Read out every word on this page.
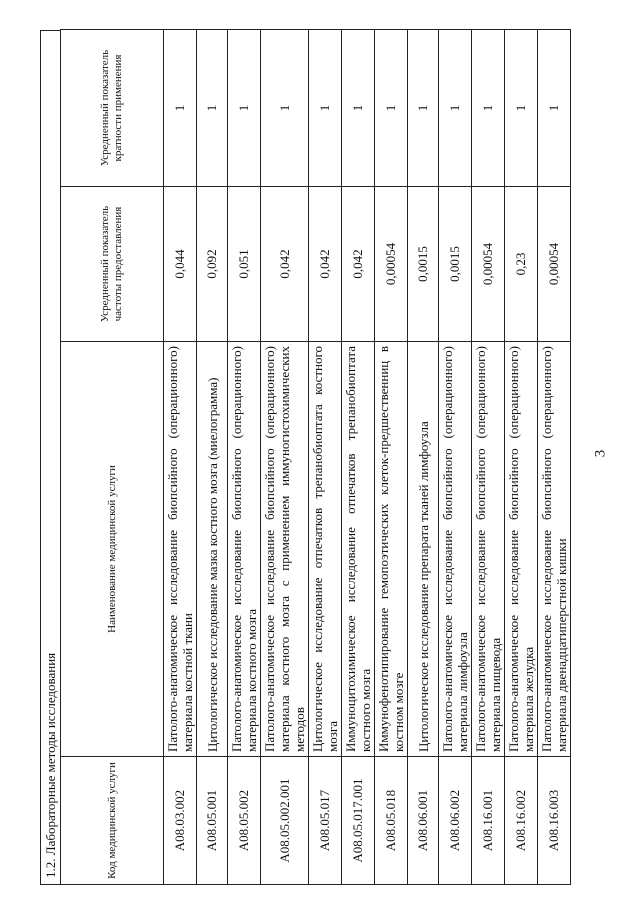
3
1.2. Лабораторные методы исследования	Код медицинской услуги	Наименование медицинской услуги	Усредненный показатель частоты предоставления	Усредненный показатель кратности применения
A08.03.002	Патолого-анатомическое исследование биопсийного (операционного) материала костной ткани	0,044	1
A08.05.001	Цитологическое исследование мазка костного мозга (миелограмма)	0,092	1
A08.05.002	Патолого-анатомическое исследование биопсийного (операционного) материала костного мозга	0,051	1
A08.05.002.001	Патолого-анатомическое исследование биопсийного (операционного) материала костного мозга с применением иммуногистохимических методов	0,042	1
A08.05.017	Цитологическое исследование отпечатков трепанобиоптата костного мозга	0,042	1
A08.05.017.001	Иммуноцитохимическое исследование отпечатков трепанобиоптата костного мозга	0,042	1
A08.05.018	Иммунофенотипирование гемопоэтических клеток-предшественниц в костном мозге	0,00054	1
A08.06.001	Цитологическое исследование препарата тканей лимфоузла	0,0015	1
A08.06.002	Патолого-анатомическое исследование биопсийного (операционного) материала лимфоузла	0,0015	1
A08.16.001	Патолого-анатомическое исследование биопсийного (операционного) материала пищевода	0,00054	1
A08.16.002	Патолого-анатомическое исследование биопсийного (операционного) материала желудка	0,23	1
A08.16.003	Патолого-анатомическое исследование биопсийного (операционного) материала двенадцатиперстной кишки	0,00054	1
